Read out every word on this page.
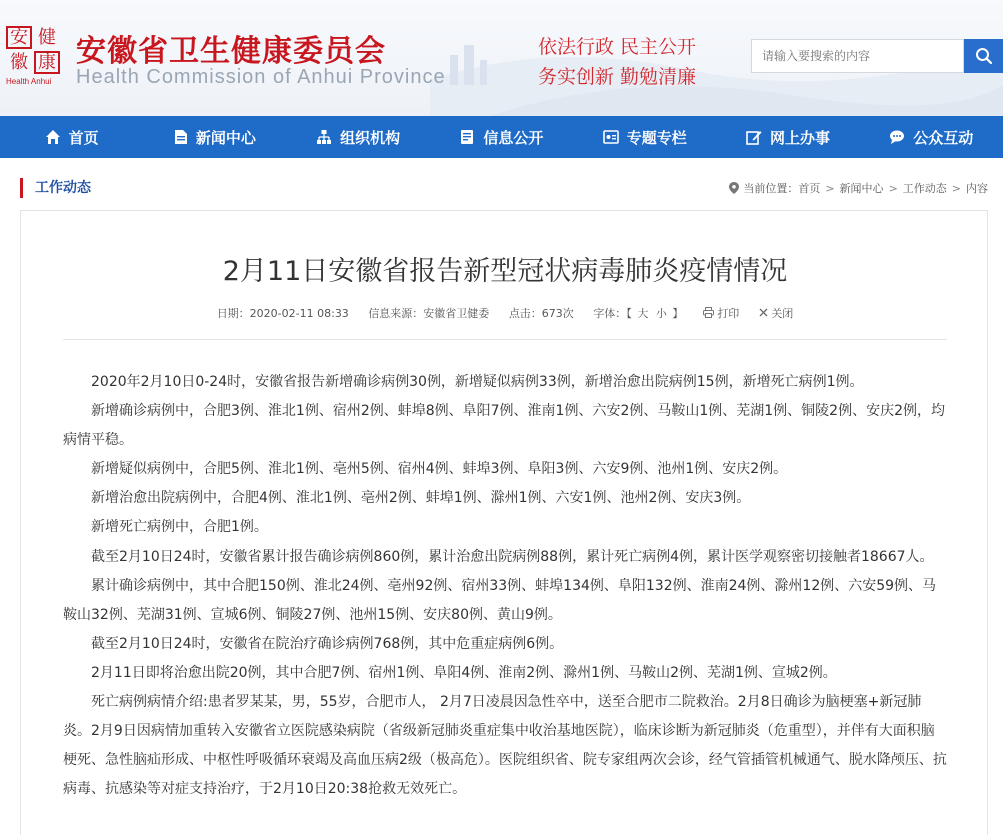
安 健
徽 康
Health Anhui
安徽省卫生健康委员会
Health Commission of Anhui Province
依法行政 民主公开
务实创新 勤勉清廉
请输入要搜索的内容
首页	新闻中心	组织机构	信息公开	专题专栏	网上办事	公众互动
工作动态	当前位置： 首页 > 新闻中心 > 工作动态 > 内容
2月11日安徽省报告新型冠状病毒肺炎疫情情况
日期：2020-02-11 08:33 信息来源：安徽省卫健委 点击：673次 字体：【 大 小 】	打印	关闭

2020年2月10日0-24时，安徽省报告新增确诊病例30例，新增疑似病例33例，新增治愈出院病例15例，新增死亡病例1例。

新增确诊病例中，合肥3例、淮北1例、宿州2例、蚌埠8例、阜阳7例、淮南1例、六安2例、马鞍山1例、芜湖1例、铜陵2例、安庆2例，均病情平稳。

新增疑似病例中，合肥5例、淮北1例、亳州5例、宿州4例、蚌埠3例、阜阳3例、六安9例、池州1例、安庆2例。

新增治愈出院病例中，合肥4例、淮北1例、亳州2例、蚌埠1例、滁州1例、六安1例、池州2例、安庆3例。

新增死亡病例中，合肥1例。

截至2月10日24时，安徽省累计报告确诊病例860例，累计治愈出院病例88例，累计死亡病例4例，累计医学观察密切接触者18667人。

累计确诊病例中，其中合肥150例、淮北24例、亳州92例、宿州33例、蚌埠134例、阜阳132例、淮南24例、滁州12例、六安59例、马鞍山32例、芜湖31例、宣城6例、铜陵27例、池州15例、安庆80例、黄山9例。

截至2月10日24时，安徽省在院治疗确诊病例768例，其中危重症病例6例。

2月11日即将治愈出院20例，其中合肥7例、宿州1例、阜阳4例、淮南2例、滁州1例、马鞍山2例、芜湖1例、宣城2例。

死亡病例病情介绍:患者罗某某，男，55岁，合肥市人， 2月7日凌晨因急性卒中，送至合肥市二院救治。2月8日确诊为脑梗塞+新冠肺炎。2月9日因病情加重转入安徽省立医院感染病院（省级新冠肺炎重症集中收治基地医院），临床诊断为新冠肺炎（危重型），并伴有大面积脑梗死、急性脑疝形成、中枢性呼吸循环衰竭及高血压病2级（极高危）。医院组织省、院专家组两次会诊，经气管插管机械通气、脱水降颅压、抗病毒、抗感染等对症支持治疗，于2月10日20:38抢救无效死亡。
